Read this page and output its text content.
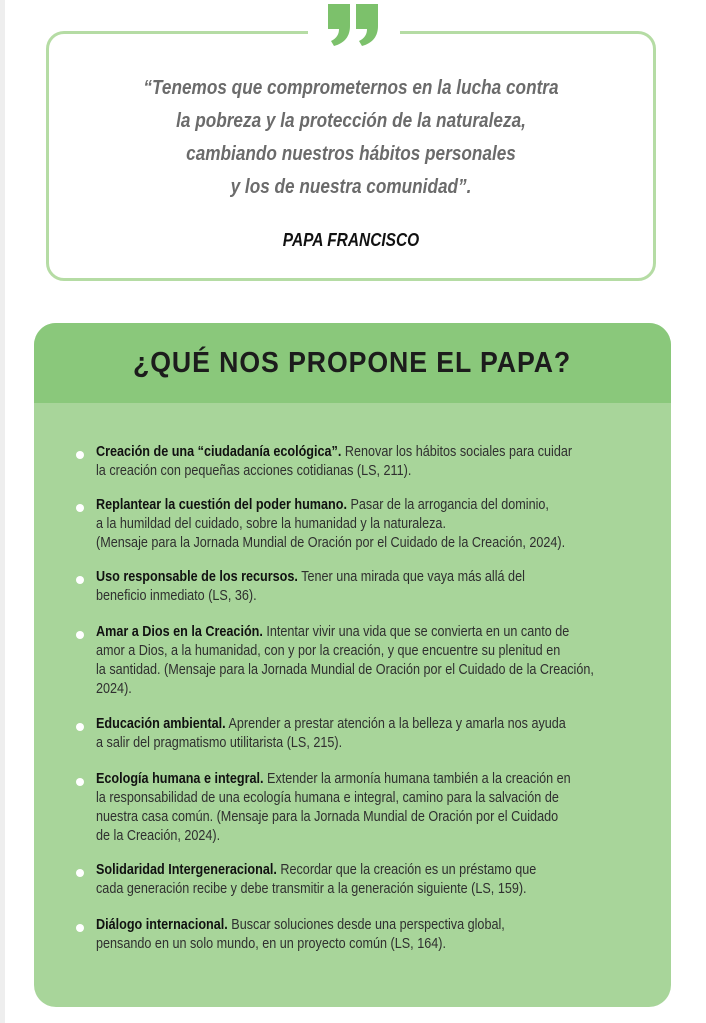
“Tenemos que comprometernos en la lucha contra
la pobreza y la protección de la naturaleza,
cambiando nuestros hábitos personales
y los de nuestra comunidad”.

PAPA FRANCISCO

¿QUÉ NOS PROPONE EL PAPA?
Creación de una “ciudadanía ecológica”. Renovar los hábitos sociales para cuidar
la creación con pequeñas acciones cotidianas (LS, 211).
Replantear la cuestión del poder humano. Pasar de la arrogancia del dominio,
a la humildad del cuidado, sobre la humanidad y la naturaleza.
(Mensaje para la Jornada Mundial de Oración por el Cuidado de la Creación, 2024).
Uso responsable de los recursos. Tener una mirada que vaya más allá del
beneficio inmediato (LS, 36).
Amar a Dios en la Creación. Intentar vivir una vida que se convierta en un canto de
amor a Dios, a la humanidad, con y por la creación, y que encuentre su plenitud en
la santidad. (Mensaje para la Jornada Mundial de Oración por el Cuidado de la Creación,
2024).
Educación ambiental. Aprender a prestar atención a la belleza y amarla nos ayuda
a salir del pragmatismo utilitarista (LS, 215).
Ecología humana e integral. Extender la armonía humana también a la creación en
la responsabilidad de una ecología humana e integral, camino para la salvación de
nuestra casa común. (Mensaje para la Jornada Mundial de Oración por el Cuidado
de la Creación, 2024).
Solidaridad Intergeneracional. Recordar que la creación es un préstamo que
cada generación recibe y debe transmitir a la generación siguiente (LS, 159).
Diálogo internacional. Buscar soluciones desde una perspectiva global,
pensando en un solo mundo, en un proyecto común (LS, 164).
